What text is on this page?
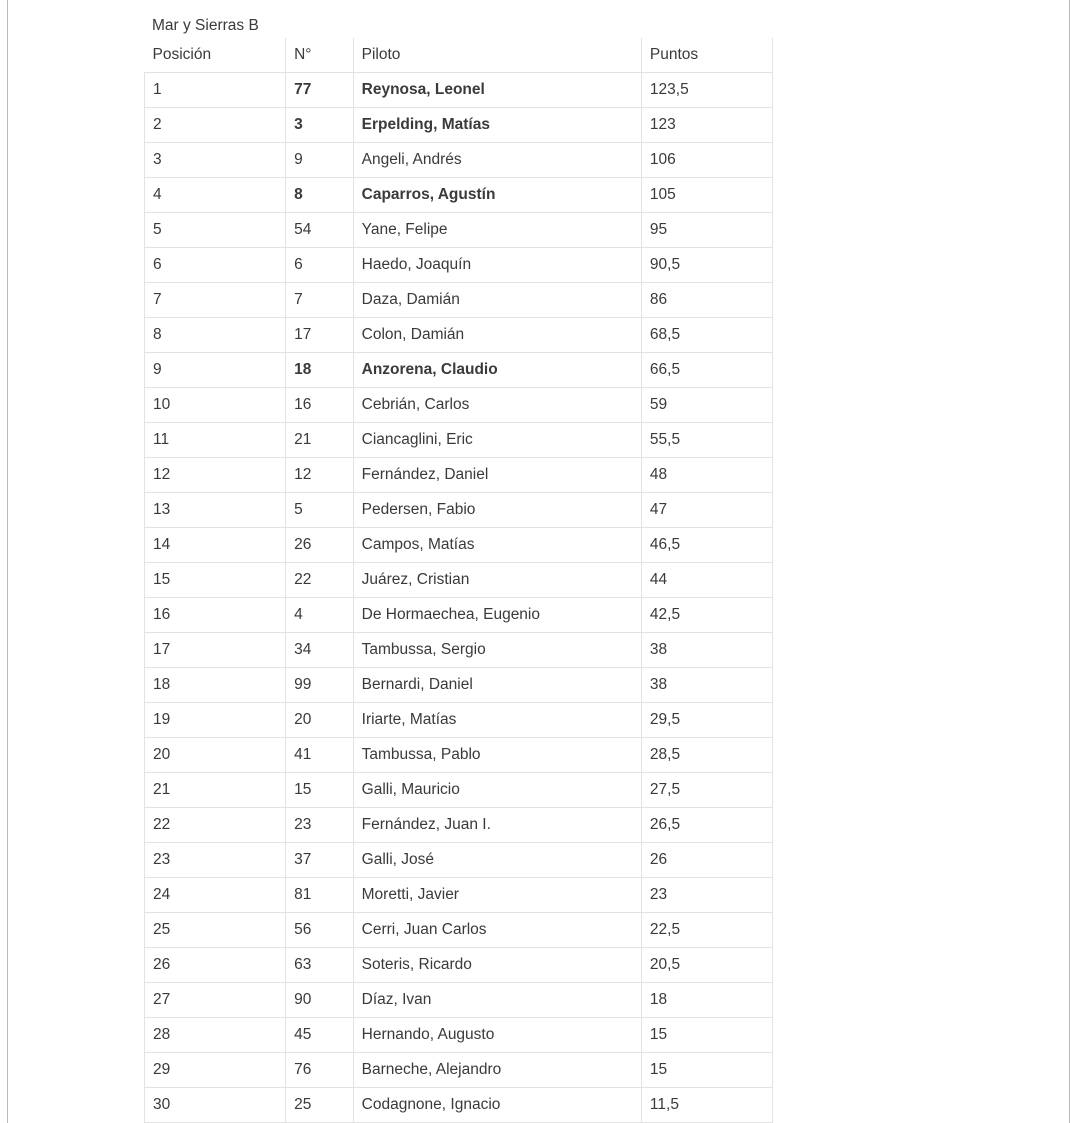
Mar y Sierras B
Posición	N°	Piloto	Puntos
1	77	Reynosa, Leonel	123,5
2	3	Erpelding, Matías	123
3	9	Angeli, Andrés	106
4	8	Caparros, Agustín	105
5	54	Yane, Felipe	95
6	6	Haedo, Joaquín	90,5
7	7	Daza, Damián	86
8	17	Colon, Damián	68,5
9	18	Anzorena, Claudio	66,5
10	16	Cebrián, Carlos	59
11	21	Ciancaglini, Eric	55,5
12	12	Fernández, Daniel	48
13	5	Pedersen, Fabio	47
14	26	Campos, Matías	46,5
15	22	Juárez, Cristian	44
16	4	De Hormaechea, Eugenio	42,5
17	34	Tambussa, Sergio	38
18	99	Bernardi, Daniel	38
19	20	Iriarte, Matías	29,5
20	41	Tambussa, Pablo	28,5
21	15	Galli, Mauricio	27,5
22	23	Fernández, Juan I.	26,5
23	37	Galli, José	26
24	81	Moretti, Javier	23
25	56	Cerri, Juan Carlos	22,5
26	63	Soteris, Ricardo	20,5
27	90	Díaz, Ivan	18
28	45	Hernando, Augusto	15
29	76	Barneche, Alejandro	15
30	25	Codagnone, Ignacio	11,5
